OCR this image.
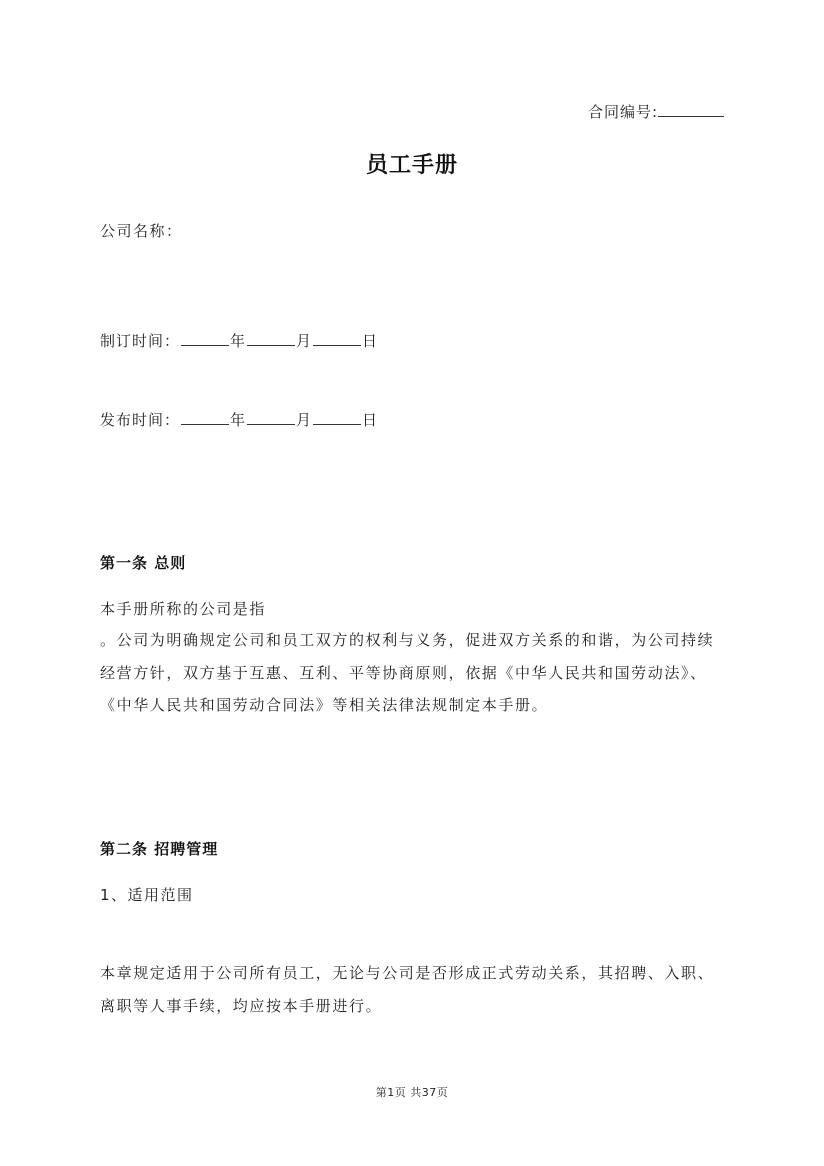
合同编号:
员工手册
公司名称：
制订时间：	年	月	日
发布时间：	年	月	日
第一条 总则
本手册所称的公司是指
。公司为明确规定公司和员工双方的权利与义务，促进双方关系的和谐，为公司持续
经营方针，双方基于互惠、互利、平等协商原则，依据《中华人民共和国劳动法》、
《中华人民共和国劳动合同法》等相关法律法规制定本手册。
第二条 招聘管理
1、适用范围
本章规定适用于公司所有员工，无论与公司是否形成正式劳动关系，其招聘、入职、
离职等人事手续，均应按本手册进行。
第1页 共37页
